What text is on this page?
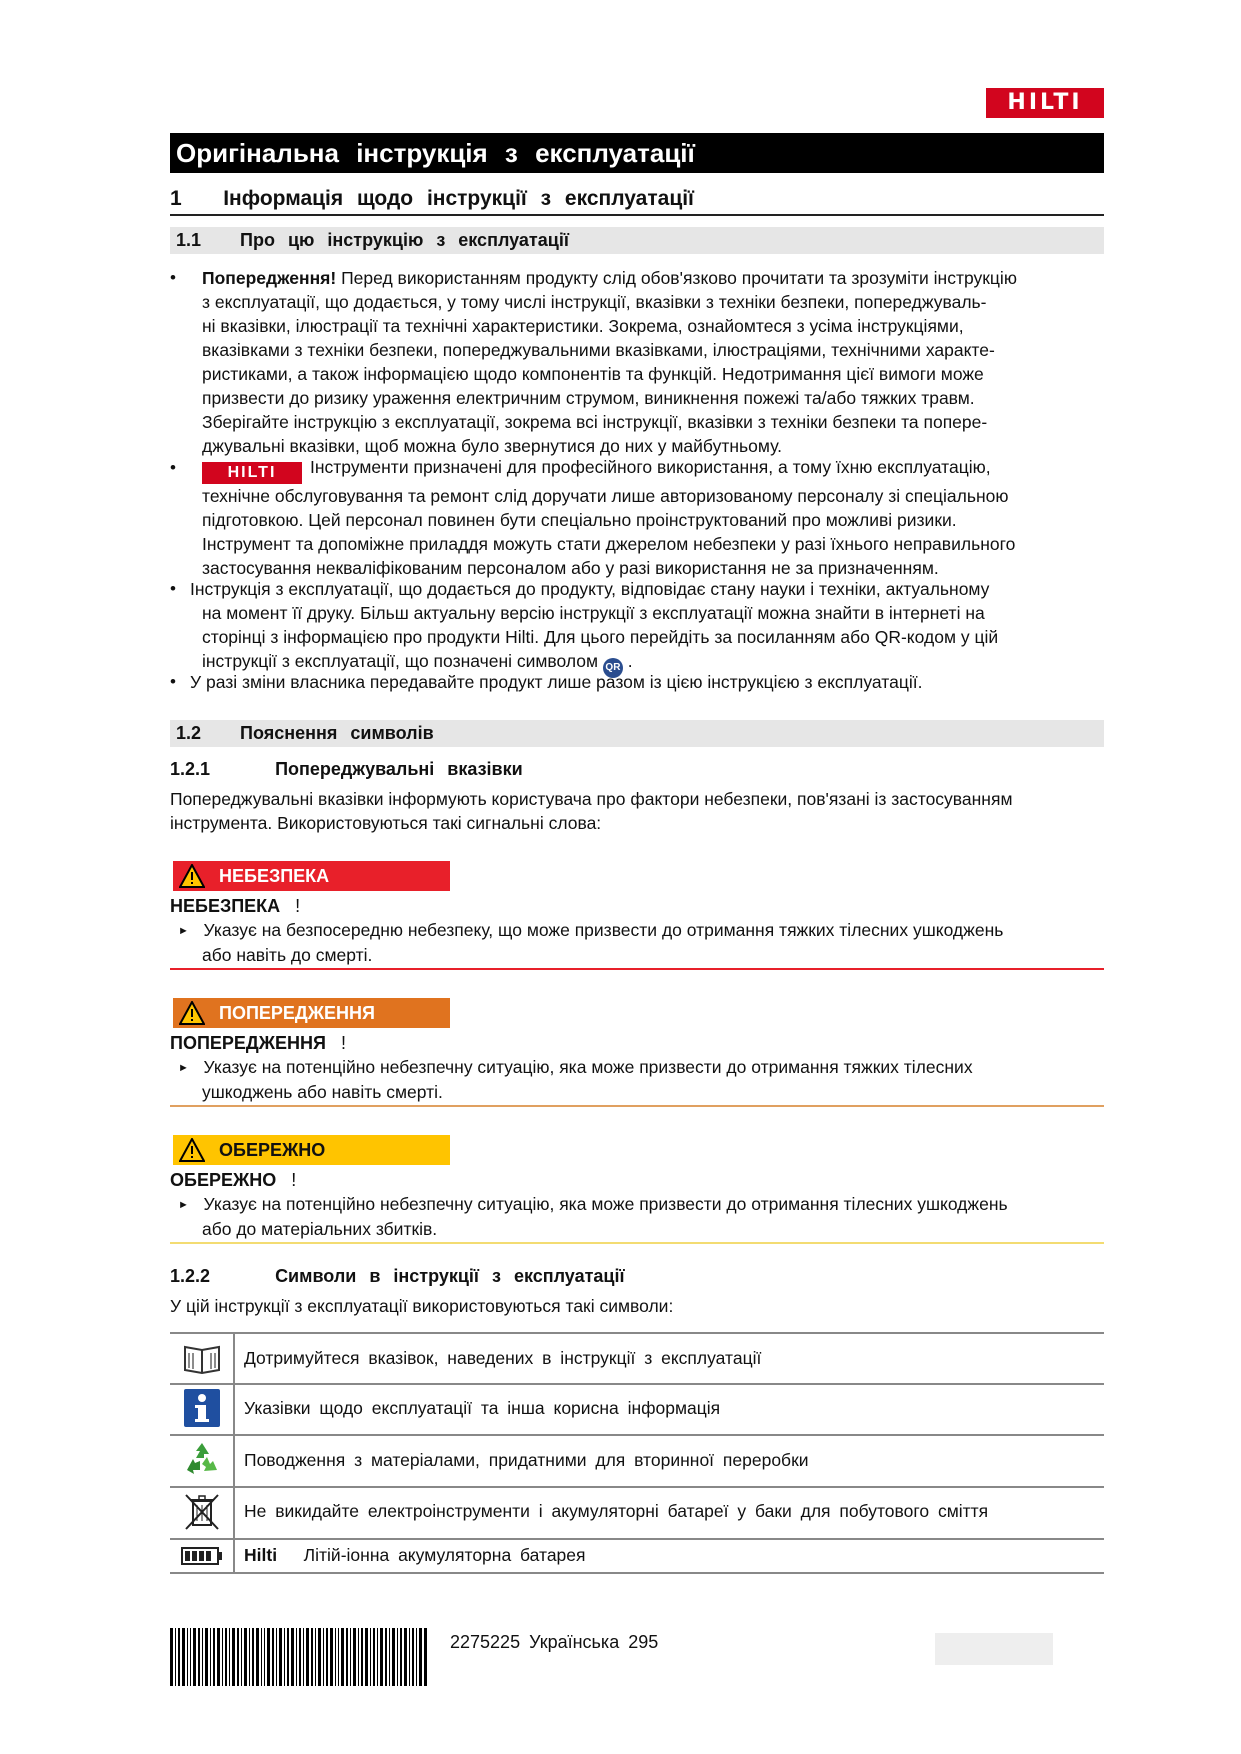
HILTI
Оригінальна інструкція з експлуатації
1 Інформація щодо інструкції з експлуатації
1.1 Про цю інструкцію з експлуатації
• Попередження! Перед використанням продукту слід обов'язково прочитати та зрозуміти інструкцію
з експлуатації, що додається, у тому числі інструкції, вказівки з техніки безпеки, попереджуваль-
ні вказівки, ілюстрації та технічні характеристики. Зокрема, ознайомтеся з усіма інструкціями,
вказівками з техніки безпеки, попереджувальними вказівками, ілюстраціями, технічними характе-
ристиками, а також інформацією щодо компонентів та функцій. Недотримання цієї вимоги може
призвести до ризику ураження електричним струмом, виникнення пожежі та/або тяжких травм.
Зберігайте інструкцію з експлуатації, зокрема всі інструкції, вказівки з техніки безпеки та попере-
джувальні вказівки, щоб можна було звернутися до них у майбутньому.
•	HILTI Інструменти призначені для професійного використання, а тому їхню експлуатацію,
технічне обслуговування та ремонт слід доручати лише авторизованому персоналу зі спеціальною
підготовкою. Цей персонал повинен бути спеціально проінструктований про можливі ризики.
Інструмент та допоміжне приладдя можуть стати джерелом небезпеки у разі їхнього неправильного
застосування некваліфікованим персоналом або у разі використання не за призначенням.
• Інструкція з експлуатації, що додається до продукту, відповідає стану науки і техніки, актуальному
на момент її друку. Більш актуальну версію інструкції з експлуатації можна знайти в інтернеті на
сторінці з інформацією про продукти Hilti. Для цього перейдіть за посиланням або QR-кодом у цій
інструкції з експлуатації, що позначені символом QR .
• У разі зміни власника передавайте продукт лише разом із цією інструкцією з експлуатації.
1.2 Пояснення символів
1.2.1	Попереджувальні вказівки
Попереджувальні вказівки інформують користувача про фактори небезпеки, пов'язані із застосуванням
інструмента. Використовуються такі сигнальні слова:
НЕБЕЗПЕКА
НЕБЕЗПЕКА !
► Указує на безпосередню небезпеку, що може призвести до отримання тяжких тілесних ушкоджень
або навіть до смерті.
ПОПЕРЕДЖЕННЯ
ПОПЕРЕДЖЕННЯ !
► Указує на потенційно небезпечну ситуацію, яка може призвести до отримання тяжких тілесних
ушкоджень або навіть смерті.
ОБЕРЕЖНО
ОБЕРЕЖНО !
► Указує на потенційно небезпечну ситуацію, яка може призвести до отримання тілесних ушкоджень
або до матеріальних збитків.
1.2.2	Символи в інструкції з експлуатації
У цій інструкції з експлуатації використовуються такі символи:
Дотримуйтеся вказівок, наведених в інструкції з експлуатації
Указівки щодо експлуатації та інша корисна інформація
Поводження з матеріалами, придатними для вторинної переробки
Не викидайте електроінструменти і акумуляторні батареї у баки для побутового сміття
Hilti Літій-іонна акумуляторна батарея
2275225 Українська 295
